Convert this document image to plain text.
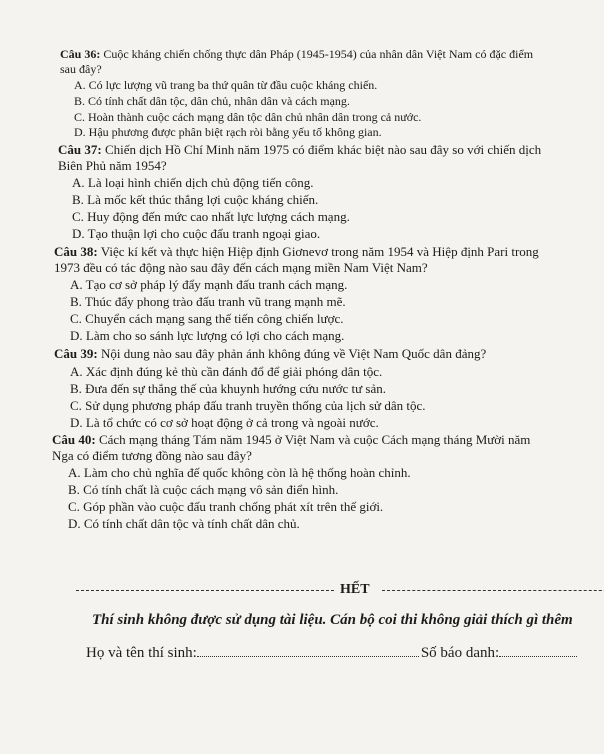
Câu 36: Cuộc kháng chiến chống thực dân Pháp (1945-1954) của nhân dân Việt Nam có đặc điểm
sau đây?
A. Có lực lượng vũ trang ba thứ quân từ đầu cuộc kháng chiến.
B. Có tính chất dân tộc, dân chủ, nhân dân và cách mạng.
C. Hoàn thành cuộc cách mạng dân tộc dân chủ nhân dân trong cả nước.
D. Hậu phương được phân biệt rạch ròi bằng yếu tố không gian.
Câu 37: Chiến dịch Hồ Chí Minh năm 1975 có điểm khác biệt nào sau đây so với chiến dịch
Biên Phủ năm 1954?
A. Là loại hình chiến dịch chủ động tiến công.
B. Là mốc kết thúc thắng lợi cuộc kháng chiến.
C. Huy động đến mức cao nhất lực lượng cách mạng.
D. Tạo thuận lợi cho cuộc đấu tranh ngoại giao.
Câu 38: Việc kí kết và thực hiện Hiệp định Giơnevơ trong năm 1954 và Hiệp định Pari trong
1973 đều có tác động nào sau đây đến cách mạng miền Nam Việt Nam?
A. Tạo cơ sở pháp lý đẩy mạnh đấu tranh cách mạng.
B. Thúc đẩy phong trào đấu tranh vũ trang mạnh mẽ.
C. Chuyển cách mạng sang thế tiến công chiến lược.
D. Làm cho so sánh lực lượng có lợi cho cách mạng.
Câu 39: Nội dung nào sau đây phản ánh không đúng về Việt Nam Quốc dân đảng?
A. Xác định đúng kẻ thù cần đánh đổ để giải phóng dân tộc.
B. Đưa đến sự thắng thế của khuynh hướng cứu nước tư sản.
C. Sử dụng phương pháp đấu tranh truyền thống của lịch sử dân tộc.
D. Là tổ chức có cơ sở hoạt động ở cả trong và ngoài nước.
Câu 40: Cách mạng tháng Tám năm 1945 ở Việt Nam và cuộc Cách mạng tháng Mười năm
Nga có điểm tương đồng nào sau đây?
A. Làm cho chủ nghĩa đế quốc không còn là hệ thống hoàn chỉnh.
B. Có tính chất là cuộc cách mạng vô sản điển hình.
C. Góp phần vào cuộc đấu tranh chống phát xít trên thế giới.
D. Có tính chất dân tộc và tính chất dân chủ.
HẾT
Thí sinh không được sử dụng tài liệu. Cán bộ coi thi không giải thích gì thêm
Họ và tên thí sinh:	Số báo danh:
